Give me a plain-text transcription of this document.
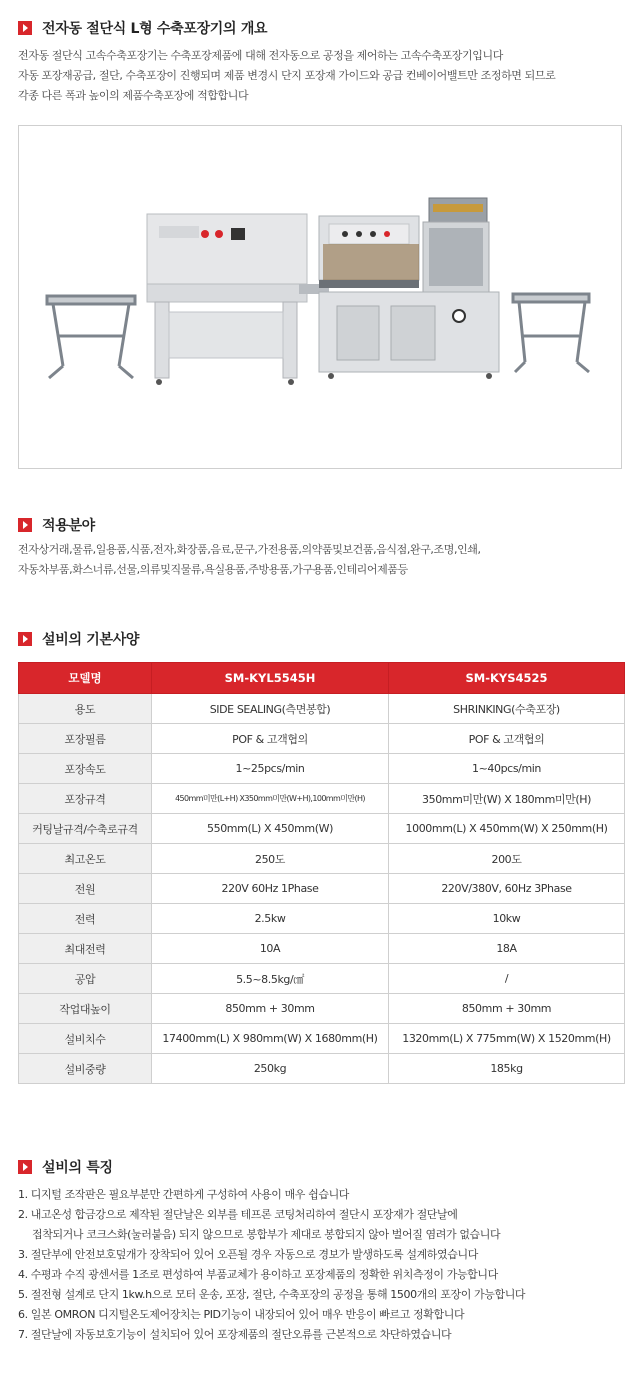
전자동 절단식 L형 수축포장기의 개요
전자동 절단식 고속수축포장기는 수축포장제품에 대해 전자동으로 공정을 제어하는 고속수축포장기입니다
자동 포장재공급, 절단, 수축포장이 진행되며 제품 변경시 단지 포장재 가이드와 공급 컨베이어밸트만 조정하면 되므로
각종 다른 폭과 높이의 제품수축포장에 적합합니다
적용분야
전자상거래,물류,일용품,식품,전자,화장품,음료,문구,가전용품,의약품및보건품,음식점,완구,조명,인쇄,
자동차부품,화스너류,선물,의류및직물류,욕실용품,주방용품,가구용품,인테리어제품등
설비의 기본사양
모델명	SM-KYL5545H	SM-KYS4525
용도	SIDE SEALING(측면봉합)	SHRINKING(수축포장)
포장필름	POF & 고객협의	POF & 고객협의
포장속도	1~25pcs/min	1~40pcs/min
포장규격	450mm미만(L+H) X350mm미만(W+H),100mm미만(H)	350mm미만(W) X 180mm미만(H)
커팅날규격/수축로규격	550mm(L) X 450mm(W)	1000mm(L) X 450mm(W) X 250mm(H)
최고온도	250도	200도
전원	220V 60Hz 1Phase	220V/380V, 60Hz 3Phase
전력	2.5kw	10kw
최대전력	10A	18A
공압	5.5~8.5kg/㎠	/
작업대높이	850mm + 30mm	850mm + 30mm
설비치수	17400mm(L) X 980mm(W) X 1680mm(H)	1320mm(L) X 775mm(W) X 1520mm(H)
설비중량	250kg	185kg
설비의 특징
1. 디지털 조작판은 필요부분만 간편하게 구성하여 사용이 매우 쉽습니다
2. 내고온성 합금강으로 제작된 절단날은 외부를 테프론 코팅처리하여 절단시 포장재가 절단날에
접착되거나 코크스화(눌러붙음) 되지 않으므로 봉합부가 제대로 봉합되지 않아 벌어질 염려가 없습니다
3. 절단부에 안전보호덮개가 장착되어 있어 오픈될 경우 자동으로 경보가 발생하도록 설계하였습니다
4. 수평과 수직 광센서를 1조로 편성하여 부품교체가 용이하고 포장제품의 정확한 위치측정이 가능합니다
5. 절전형 설계로 단지 1kw.h으로 모터 운송, 포장, 절단, 수축포장의 공정을 통해 1500개의 포장이 가능합니다
6. 일본 OMRON 디지털온도제어장치는 PID기능이 내장되어 있어 매우 반응이 빠르고 정확합니다
7. 절단날에 자동보호기능이 설치되어 있어 포장제품의 절단오류를 근본적으로 차단하였습니다
